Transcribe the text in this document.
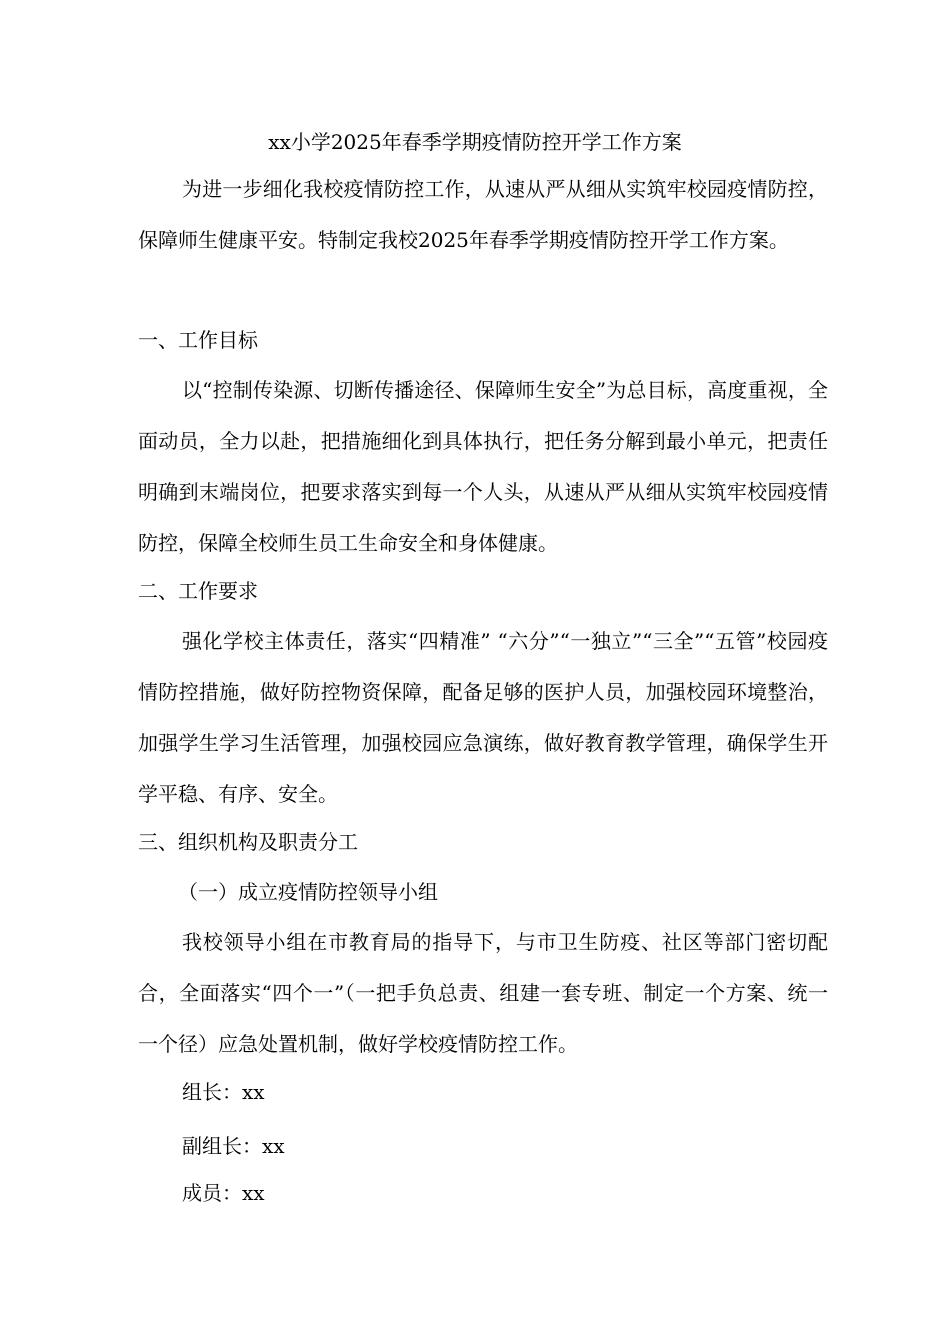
xx小学2025年春季学期疫情防控开学工作方案
为进一步细化我校疫情防控工作，从速从严从细从实筑牢校园疫情防控，保障师生健康平安。特制定我校2025年春季学期疫情防控开学工作方案。
一、工作目标
以“控制传染源、切断传播途径、保障师生安全”为总目标，高度重视，全面动员，全力以赴，把措施细化到具体执行，把任务分解到最小单元，把责任明确到末端岗位，把要求落实到每一个人头，从速从严从细从实筑牢校园疫情防控，保障全校师生员工生命安全和身体健康。
二、工作要求
强化学校主体责任，落实“四精准” “六分”“一独立”“三全”“五管”校园疫情防控措施，做好防控物资保障，配备足够的医护人员，加强校园环境整治，加强学生学习生活管理，加强校园应急演练，做好教育教学管理，确保学生开学平稳、有序、安全。
三、组织机构及职责分工
（一）成立疫情防控领导小组
我校领导小组在市教育局的指导下，与市卫生防疫、社区等部门密切配合，全面落实“四个一”（一把手负总责、组建一套专班、制定一个方案、统一一个径）应急处置机制，做好学校疫情防控工作。
组长：xx
副组长：xx
成员：xx
